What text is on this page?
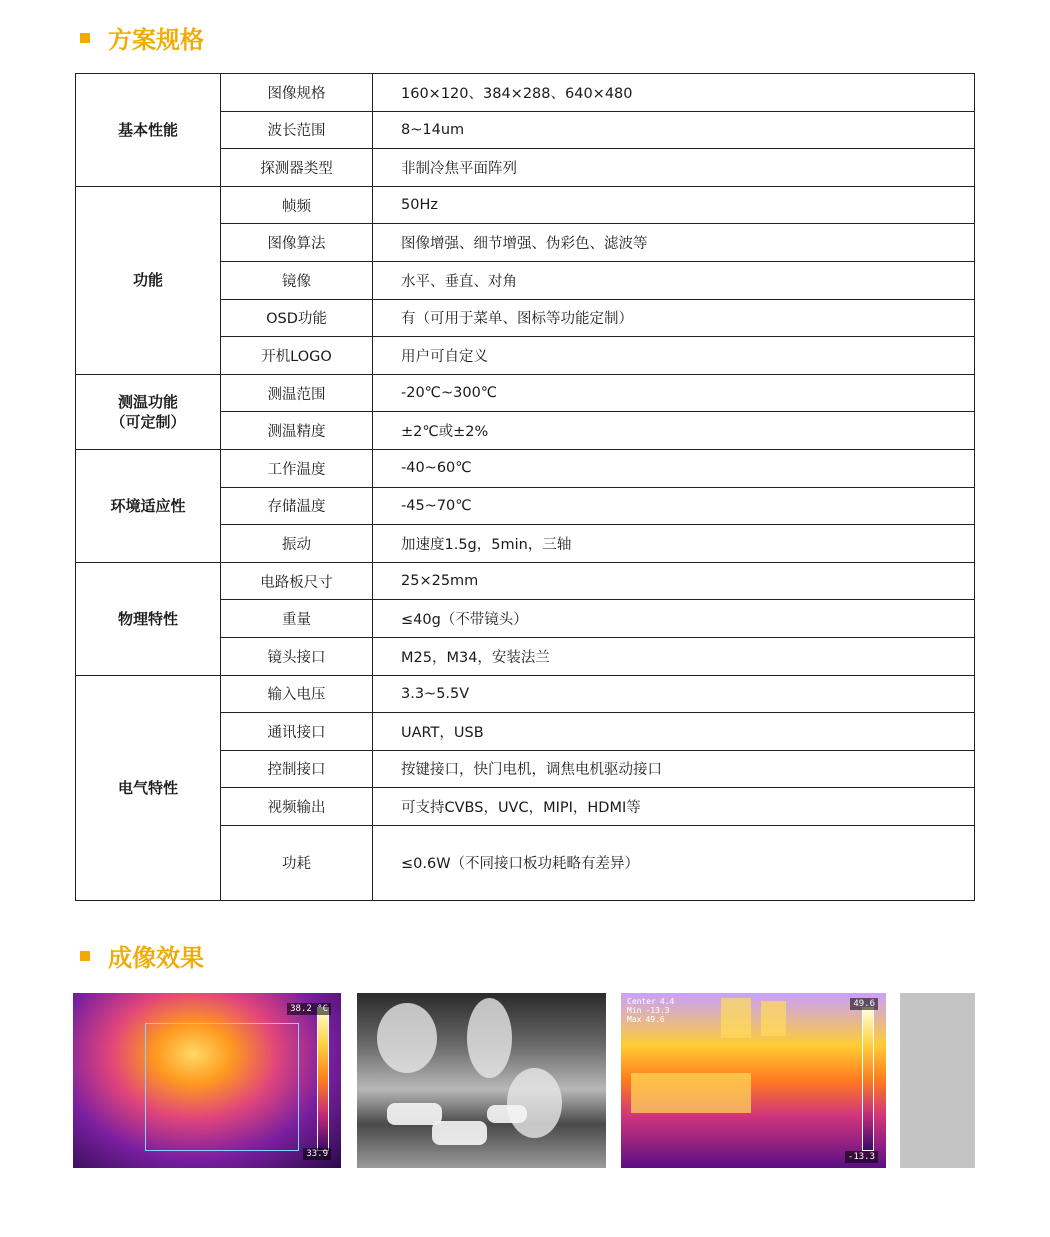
方案规格
基本性能	图像规格	160×120、384×288、640×480
	波长范围	8~14um
	探测器类型	非制冷焦平面阵列

功能	帧频	50Hz
	图像算法	图像增强、细节增强、伪彩色、滤波等
	镜像	水平、垂直、对角
	OSD功能	有（可用于菜单、图标等功能定制）
	开机LOGO	用户可自定义

测温功能
（可定制）	测温范围	-20℃~300℃
	测温精度	±2℃或±2%

环境适应性	工作温度	-40~60℃
	存储温度	-45~70℃
	振动	加速度1.5g，5min，三轴

物理特性	电路板尺寸	25×25mm
	重量	≤40g（不带镜头）
	镜头接口	M25，M34，安装法兰

电气特性	输入电压	3.3~5.5V
	通讯接口	UART，USB
	控制接口	按键接口，快门电机，调焦电机驱动接口
	视频输出	可支持CVBS，UVC，MIPI，HDMI等
	功耗	≤0.6W（不同接口板功耗略有差异）
成像效果
38.2 °C
33.9
Center 4.4
Min -13.3
Max 49.6
49.6
-13.3
